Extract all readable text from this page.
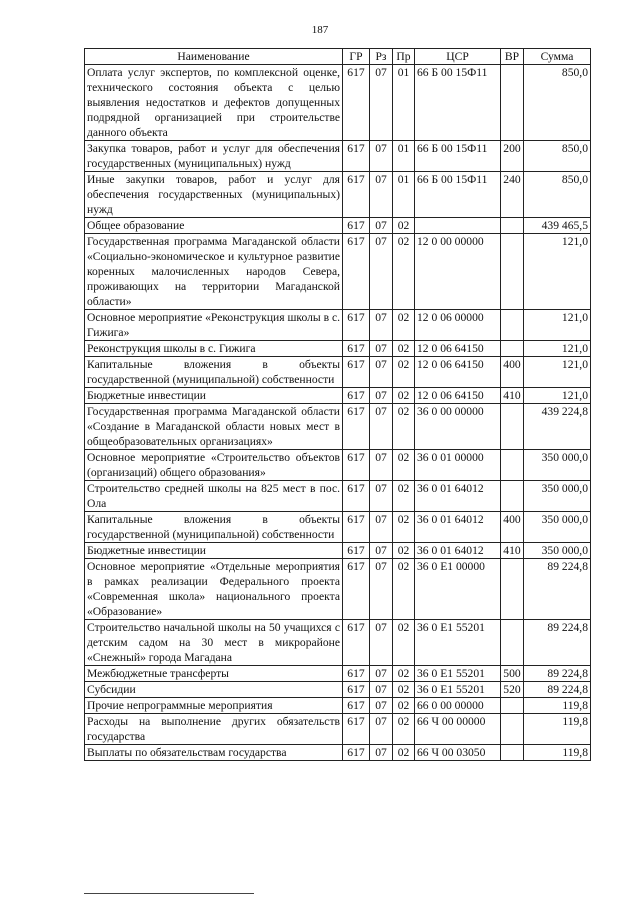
187
Наименование	ГР	Рз	Пр	ЦСР	ВР	Сумма
Оплата услуг экспертов, по комплексной оценке, технического состояния объекта с целью выявления недостатков и дефектов допущенных подрядной организацией при строительстве данного объекта	617	07	01	66 Б 00 15Ф11		850,0
Закупка товаров, работ и услуг для обеспечения государственных (муниципальных) нужд	617	07	01	66 Б 00 15Ф11	200	850,0
Иные закупки товаров, работ и услуг для обеспечения государственных (муниципальных) нужд	617	07	01	66 Б 00 15Ф11	240	850,0
Общее образование	617	07	02			439 465,5
Государственная программа Магаданской области «Социально-экономическое и культурное развитие коренных малочисленных народов Севера, проживающих на территории Магаданской области»	617	07	02	12 0 00 00000		121,0
Основное мероприятие «Реконструкция школы в с. Гижига»	617	07	02	12 0 06 00000		121,0
Реконструкция школы в с. Гижига	617	07	02	12 0 06 64150		121,0
Капитальные вложения в объекты государственной (муниципальной) собственности	617	07	02	12 0 06 64150	400	121,0
Бюджетные инвестиции	617	07	02	12 0 06 64150	410	121,0
Государственная программа Магаданской области «Создание в Магаданской области новых мест в общеобразовательных организациях»	617	07	02	36 0 00 00000		439 224,8
Основное мероприятие «Строительство объектов (организаций) общего образования»	617	07	02	36 0 01 00000		350 000,0
Строительство средней школы на 825 мест в пос. Ола	617	07	02	36 0 01 64012		350 000,0
Капитальные вложения в объекты государственной (муниципальной) собственности	617	07	02	36 0 01 64012	400	350 000,0
Бюджетные инвестиции	617	07	02	36 0 01 64012	410	350 000,0
Основное мероприятие «Отдельные мероприятия в рамках реализации Федерального проекта «Современная школа» национального проекта «Образование»	617	07	02	36 0 E1 00000		89 224,8
Строительство начальной школы на 50 учащихся с детским садом на 30 мест в микрорайоне «Снежный» города Магадана	617	07	02	36 0 E1 55201		89 224,8
Межбюджетные трансферты	617	07	02	36 0 E1 55201	500	89 224,8
Субсидии	617	07	02	36 0 E1 55201	520	89 224,8
Прочие непрограммные мероприятия	617	07	02	66 0 00 00000		119,8
Расходы на выполнение других обязательств государства	617	07	02	66 Ч 00 00000		119,8
Выплаты по обязательствам государства	617	07	02	66 Ч 00 03050		119,8
